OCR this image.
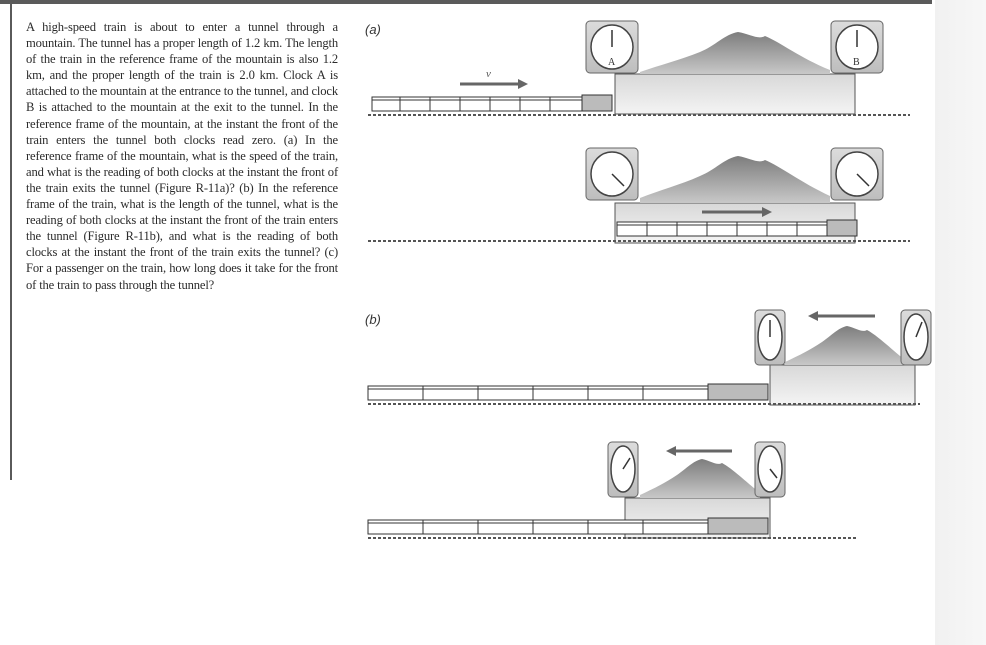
A high-speed train is about to enter a tunnel through a mountain. The tunnel has a proper length of 1.2 km. The length of the train in the reference frame of the mountain is also 1.2 km, and the proper length of the train is 2.0 km. Clock A is attached to the mountain at the entrance to the tunnel, and clock B is attached to the mountain at the exit to the tunnel. In the reference frame of the mountain, at the instant the front of the train enters the tunnel both clocks read zero. (a) In the reference frame of the mountain, what is the speed of the train, and what is the reading of both clocks at the instant the front of the train exits the tunnel (Figure R-11a)? (b) In the reference frame of the train, what is the length of the tunnel, what is the reading of both clocks at the instant the front of the train enters the tunnel (Figure R-11b), and what is the reading of both clocks at the instant the front of the train exits the tunnel? (c) For a passenger on the train, how long does it take for the front of the train to pass through the tunnel?

(a)
(b)
A	B
v
